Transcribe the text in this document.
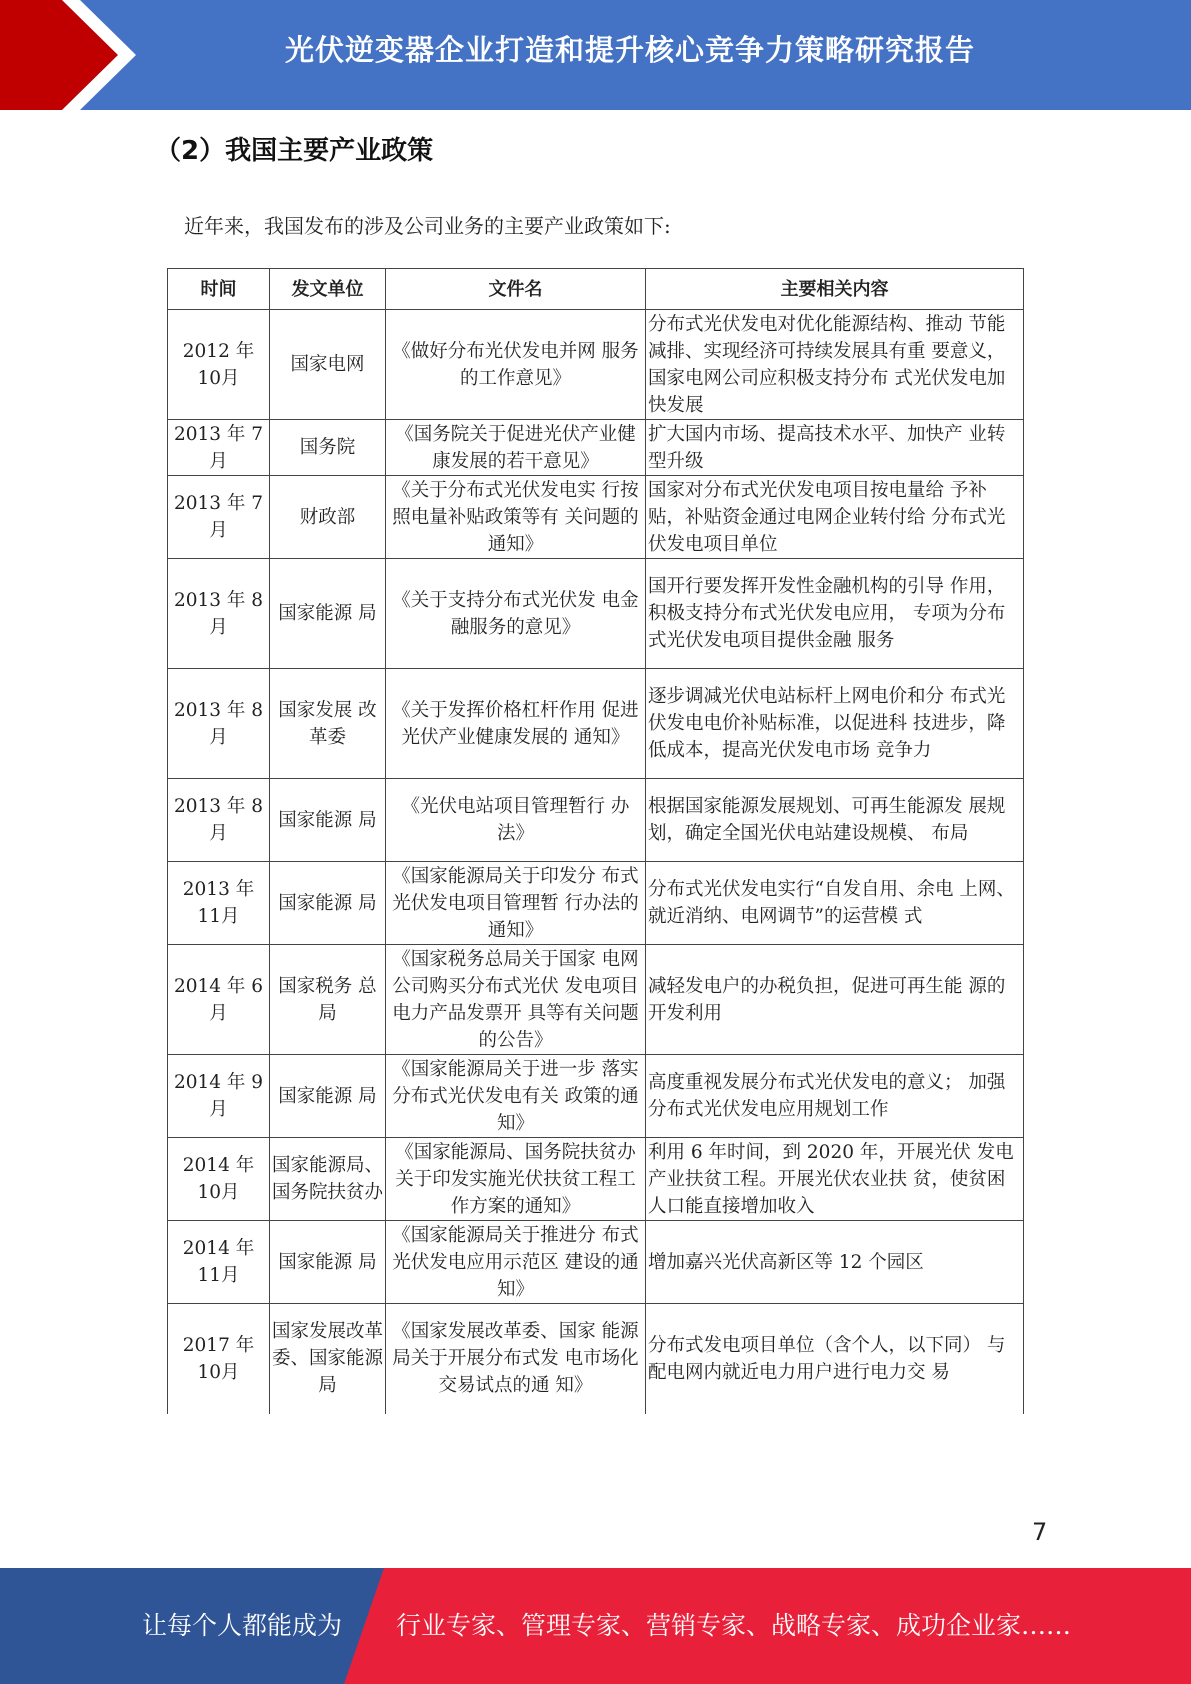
光伏逆变器企业打造和提升核心竞争力策略研究报告
（2）我国主要产业政策
近年来，我国发布的涉及公司业务的主要产业政策如下:
时间	发文单位	文件名	主要相关内容
2012 年 10月	国家电网	《做好分布光伏发电并网 服务的工作意见》	分布式光伏发电对优化能源结构、推动 节能减排、实现经济可持续发展具有重 要意义，国家电网公司应积极支持分布 式光伏发电加快发展
2013 年 7月	国务院	《国务院关于促进光伏产业健康发展的若干意见》	扩大国内市场、提高技术水平、加快产 业转型升级
2013 年 7月	财政部	《关于分布式光伏发电实 行按照电量补贴政策等有 关问题的通知》	国家对分布式光伏发电项目按电量给 予补贴，补贴资金通过电网企业转付给 分布式光伏发电项目单位
2013 年 8月	国家能源 局	《关于支持分布式光伏发 电金融服务的意见》	国开行要发挥开发性金融机构的引导 作用，积极支持分布式光伏发电应用， 专项为分布式光伏发电项目提供金融 服务
2013 年 8月	国家发展 改革委	《关于发挥价格杠杆作用 促进光伏产业健康发展的 通知》	逐步调减光伏电站标杆上网电价和分 布式光伏发电电价补贴标准，以促进科 技进步，降低成本，提高光伏发电市场 竞争力
2013 年 8月	国家能源 局	《光伏电站项目管理暂行 办法》	根据国家能源发展规划、可再生能源发 展规划，确定全国光伏电站建设规模、 布局
2013 年 11月	国家能源 局	《国家能源局关于印发分 布式光伏发电项目管理暂 行办法的通知》	分布式光伏发电实行“自发自用、余电 上网、就近消纳、电网调节”的运营模 式
2014 年 6月	国家税务 总局	《国家税务总局关于国家 电网公司购买分布式光伏 发电项目电力产品发票开 具等有关问题的公告》	减轻发电户的办税负担，促进可再生能 源的开发利用
2014 年 9月	国家能源 局	《国家能源局关于进一步 落实分布式光伏发电有关 政策的通知》	高度重视发展分布式光伏发电的意义； 加强分布式光伏发电应用规划工作
2014 年 10月	国家能源局、国务院扶贫办	《国家能源局、国务院扶贫办关于印发实施光伏扶贫工程工作方案的通知》	利用 6 年时间，到 2020 年，开展光伏 发电产业扶贫工程。开展光伏农业扶 贫，使贫困人口能直接增加收入
2014 年 11月	国家能源 局	《国家能源局关于推进分 布式光伏发电应用示范区 建设的通知》	增加嘉兴光伏高新区等 12 个园区
2017 年 10月	国家发展改革委、国家能源局	《国家发展改革委、国家 能源局关于开展分布式发 电市场化交易试点的通 知》	分布式发电项目单位（含个人，以下同） 与配电网内就近电力用户进行电力交 易
7
让每个人都能成为 行业专家、管理专家、营销专家、战略专家、成功企业家……
